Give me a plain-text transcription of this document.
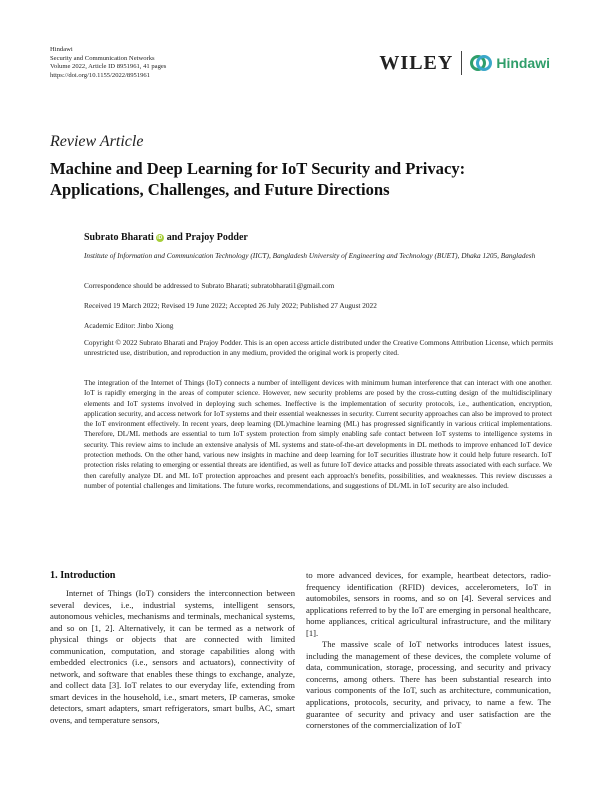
Hindawi
Security and Communication Networks
Volume 2022, Article ID 8951961, 41 pages
https://doi.org/10.1155/2022/8951961
WILEY	Hindawi
Review Article
Machine and Deep Learning for IoT Security and Privacy: Applications, Challenges, and Future Directions
Subrato Bharati iD and Prajoy Podder
Institute of Information and Communication Technology (IICT), Bangladesh University of Engineering and Technology (BUET), Dhaka 1205, Bangladesh
Correspondence should be addressed to Subrato Bharati; subratobharati1@gmail.com
Received 19 March 2022; Revised 19 June 2022; Accepted 26 July 2022; Published 27 August 2022
Academic Editor: Jinbo Xiong
Copyright © 2022 Subrato Bharati and Prajoy Podder. This is an open access article distributed under the Creative Commons Attribution License, which permits unrestricted use, distribution, and reproduction in any medium, provided the original work is properly cited.
The integration of the Internet of Things (IoT) connects a number of intelligent devices with minimum human interference that can interact with one another. IoT is rapidly emerging in the areas of computer science. However, new security problems are posed by the cross-cutting design of the multidisciplinary elements and IoT systems involved in deploying such schemes. Ineffective is the implementation of security protocols, i.e., authentication, encryption, application security, and access network for IoT systems and their essential weaknesses in security. Current security approaches can also be improved to protect the IoT environment effectively. In recent years, deep learning (DL)/machine learning (ML) has progressed significantly in various critical implementations. Therefore, DL/ML methods are essential to turn IoT system protection from simply enabling safe contact between IoT systems to intelligence systems in security. This review aims to include an extensive analysis of ML systems and state-of-the-art developments in DL methods to improve enhanced IoT device protection methods. On the other hand, various new insights in machine and deep learning for IoT securities illustrate how it could help future research. IoT protection risks relating to emerging or essential threats are identified, as well as future IoT device attacks and possible threats associated with each surface. We then carefully analyze DL and ML IoT protection approaches and present each approach's benefits, possibilities, and weaknesses. This review discusses a number of potential challenges and limitations. The future works, recommendations, and suggestions of DL/ML in IoT security are also included.
1. Introduction

Internet of Things (IoT) considers the interconnection between several devices, i.e., industrial systems, intelligent sensors, autonomous vehicles, mechanisms and terminals, mechanical systems, and so on [1, 2]. Alternatively, it can be termed as a network of physical things or objects that are connected with limited communication, computation, and storage capabilities along with embedded electronics (i.e., sensors and actuators), connectivity of network, and software that enables these things to exchange, analyze, and collect data [3]. IoT relates to our everyday life, extending from smart devices in the household, i.e., smart meters, IP cameras, smoke detectors, smart adapters, smart refrigerators, smart bulbs, AC, smart ovens, and temperature sensors,

to more advanced devices, for example, heartbeat detectors, radio-frequency identification (RFID) devices, accelerometers, IoT in automobiles, sensors in rooms, and so on [4]. Several services and applications referred to by the IoT are emerging in personal healthcare, home appliances, critical agricultural infrastructure, and the military [1].

The massive scale of IoT networks introduces latest issues, including the management of these devices, the complete volume of data, communication, storage, processing, and security and privacy concerns, among others. There has been substantial research into various components of the IoT, such as architecture, communication, applications, protocols, security, and privacy, to name a few. The guarantee of security and privacy and user satisfaction are the cornerstones of the commercialization of IoT
